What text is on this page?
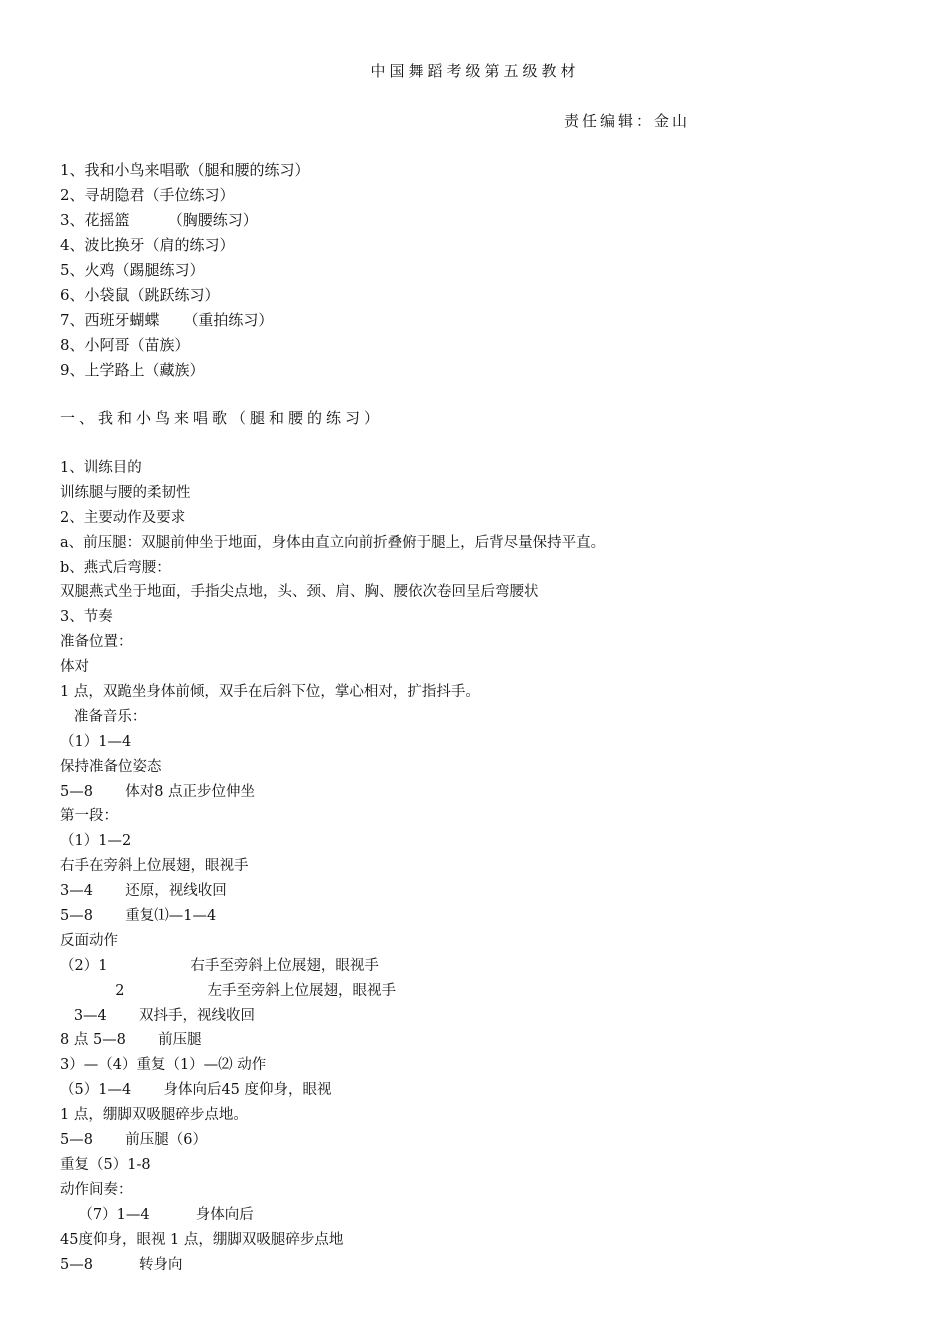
中国舞蹈考级第五级教材
责任编辑：金山
1、我和小鸟来唱歌（腿和腰的练习）
2、寻胡隐君（手位练习）
3、花摇篮        （胸腰练习）
4、波比换牙（肩的练习）
5、火鸡（踢腿练习）
6、小袋鼠（跳跃练习）
7、西班牙蝴蝶     （重拍练习）
8、小阿哥（苗族）
9、上学路上（藏族）
一、我和小鸟来唱歌（腿和腰的练习）
1、训练目的
训练腿与腰的柔韧性
2、主要动作及要求
a、前压腿：双腿前伸坐于地面，身体由直立向前折叠俯于腿上，后背尽量保持平直。
b、燕式后弯腰：
双腿燕式坐于地面，手指尖点地，头、颈、肩、胸、腰依次卷回呈后弯腰状
3、节奏
准备位置：
体对
1 点，双跪坐身体前倾，双手在后斜下位，掌心相对，扩指抖手。
准备音乐：
（1）1—4
保持准备位姿态
5—8       体对8 点正步位伸坐
第一段：
（1）1—2
右手在旁斜上位展翅，眼视手
3—4       还原，视线收回
5—8       重复⑴—1—4
反面动作
（2）1                  右手至旁斜上位展翅，眼视手
2                  左手至旁斜上位展翅，眼视手
3—4       双抖手，视线收回
8 点 5—8       前压腿
3）—（4）重复（1）—⑵ 动作
（5）1—4       身体向后45 度仰身，眼视
1 点，绷脚双吸腿碎步点地。
5—8       前压腿（6）
重复（5）1-8
动作间奏：
（7）1—4          身体向后
45度仰身，眼视 1 点，绷脚双吸腿碎步点地
5—8          转身向
